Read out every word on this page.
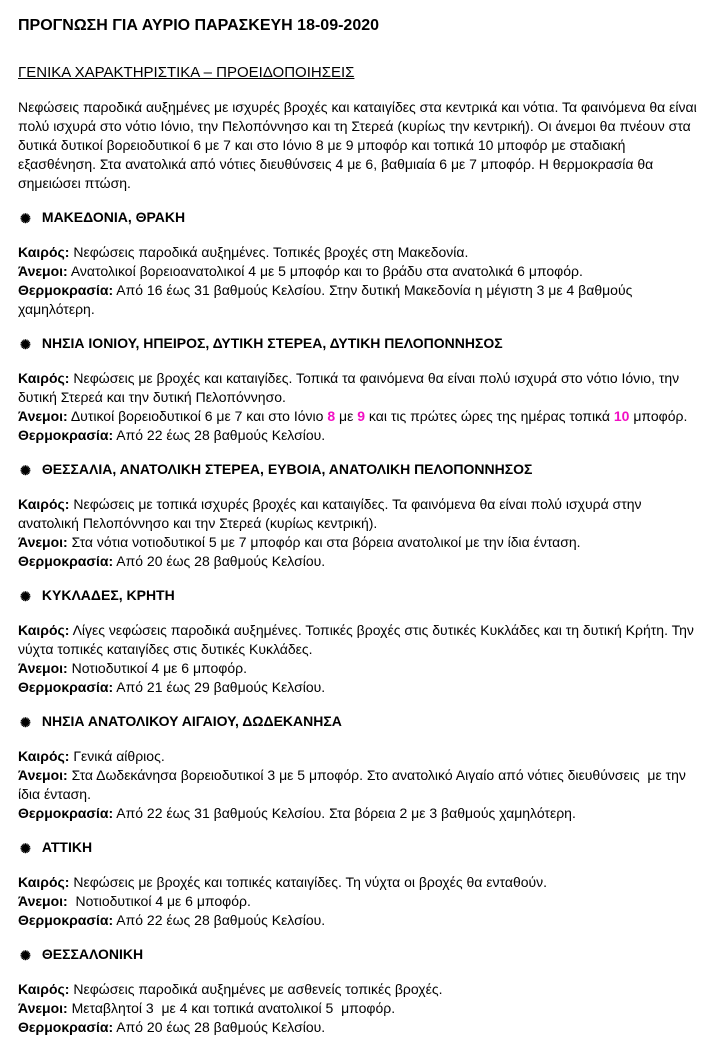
ΠΡΟΓΝΩΣΗ ΓΙΑ ΑΥΡΙΟ ΠΑΡΑΣΚΕΥΗ 18-09-2020
ΓΕΝΙΚΑ ΧΑΡΑΚΤΗΡΙΣΤΙΚΑ – ΠΡΟΕΙΔΟΠΟΙΗΣΕΙΣ

Νεφώσεις παροδικά αυξημένες με ισχυρές βροχές και καταιγίδες στα κεντρικά και νότια. Τα φαινόμενα θα είναι πολύ ισχυρά στο νότιο Ιόνιο, την Πελοπόννησο και τη Στερεά (κυρίως την κεντρική). Οι άνεμοι θα πνέουν στα δυτικά δυτικοί βορειοδυτικοί 6 με 7 και στο Ιόνιο 8 με 9 μποφόρ και τοπικά 10 μποφόρ με σταδιακή εξασθένηση. Στα ανατολικά από νότιες διευθύνσεις 4 με 6, βαθμιαία 6 με 7 μποφόρ. Η θερμοκρασία θα σημειώσει πτώση.

✺ ΜΑΚΕΔΟΝΙΑ, ΘΡΑΚΗ

Καιρός: Νεφώσεις παροδικά αυξημένες. Τοπικές βροχές στη Μακεδονία.

Άνεμοι: Ανατολικοί βορειοανατολικοί 4 με 5 μποφόρ και το βράδυ στα ανατολικά 6 μποφόρ.

Θερμοκρασία: Από 16 έως 31 βαθμούς Κελσίου. Στην δυτική Μακεδονία η μέγιστη 3 με 4 βαθμούς χαμηλότερη.

✺ ΝΗΣΙΑ ΙΟΝΙΟΥ, ΗΠΕΙΡΟΣ, ΔΥΤΙΚΗ ΣΤΕΡΕΑ, ΔΥΤΙΚΗ ΠΕΛΟΠΟΝΝΗΣΟΣ

Καιρός: Νεφώσεις με βροχές και καταιγίδες. Τοπικά τα φαινόμενα θα είναι πολύ ισχυρά στο νότιο Ιόνιο, την δυτική Στερεά και την δυτική Πελοπόννησο.

Άνεμοι: Δυτικοί βορειοδυτικοί 6 με 7 και στο Ιόνιο 8 με 9 και τις πρώτες ώρες της ημέρας τοπικά 10 μποφόρ.

Θερμοκρασία: Από 22 έως 28 βαθμούς Κελσίου.

✺ ΘΕΣΣΑΛΙΑ, ΑΝΑΤΟΛΙΚΗ ΣΤΕΡΕΑ, ΕΥΒΟΙΑ, ΑΝΑΤΟΛΙΚΗ ΠΕΛΟΠΟΝΝΗΣΟΣ

Καιρός: Νεφώσεις με τοπικά ισχυρές βροχές και καταιγίδες. Τα φαινόμενα θα είναι πολύ ισχυρά στην ανατολική Πελοπόννησο και την Στερεά (κυρίως κεντρική).

Άνεμοι: Στα νότια νοτιοδυτικοί 5 με 7 μποφόρ και στα βόρεια ανατολικοί με την ίδια ένταση.

Θερμοκρασία: Από 20 έως 28 βαθμούς Κελσίου.

✺ ΚΥΚΛΑΔΕΣ, ΚΡΗΤΗ

Καιρός: Λίγες νεφώσεις παροδικά αυξημένες. Τοπικές βροχές στις δυτικές Κυκλάδες και τη δυτική Κρήτη. Την νύχτα τοπικές καταιγίδες στις δυτικές Κυκλάδες.

Άνεμοι: Νοτιοδυτικοί 4 με 6 μποφόρ.

Θερμοκρασία: Από 21 έως 29 βαθμούς Κελσίου.

✺ ΝΗΣΙΑ ΑΝΑΤΟΛΙΚΟΥ ΑΙΓΑΙΟΥ, ΔΩΔΕΚΑΝΗΣΑ

Καιρός: Γενικά αίθριος.

Άνεμοι: Στα Δωδεκάνησα βορειοδυτικοί 3 με 5 μποφόρ. Στο ανατολικό Αιγαίο από νότιες διευθύνσεις  με την ίδια ένταση.

Θερμοκρασία: Από 22 έως 31 βαθμούς Κελσίου. Στα βόρεια 2 με 3 βαθμούς χαμηλότερη.

✺ ΑΤΤΙΚΗ

Καιρός: Νεφώσεις με βροχές και τοπικές καταιγίδες. Τη νύχτα οι βροχές θα ενταθούν.

Άνεμοι:  Νοτιοδυτικοί 4 με 6 μποφόρ.

Θερμοκρασία: Από 22 έως 28 βαθμούς Κελσίου.

✺ ΘΕΣΣΑΛΟΝΙΚΗ

Καιρός: Νεφώσεις παροδικά αυξημένες με ασθενείς τοπικές βροχές.

Άνεμοι: Μεταβλητοί 3  με 4 και τοπικά ανατολικοί 5  μποφόρ.

Θερμοκρασία: Από 20 έως 28 βαθμούς Κελσίου.
